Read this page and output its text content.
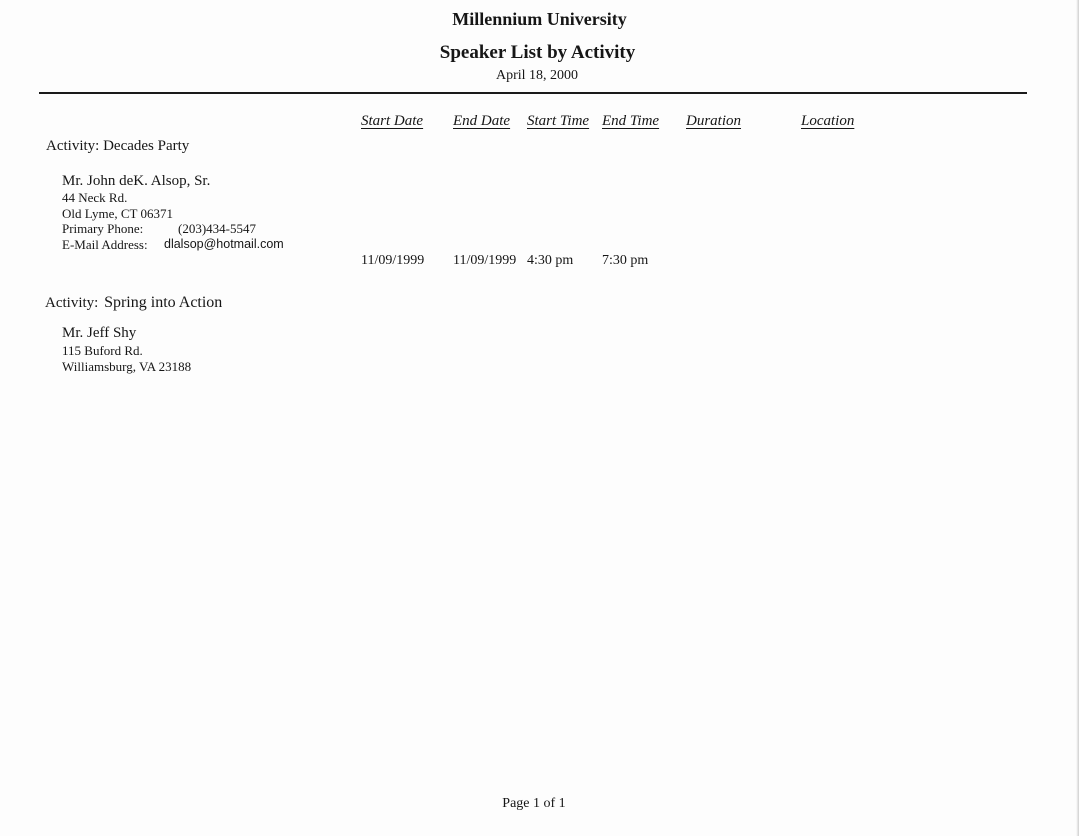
Millennium University
Speaker List by Activity
April 18, 2000
Start Date End Date Start Time End Time Duration	Location
Activity: Decades Party
Mr. John deK. Alsop, Sr.
44 Neck Rd.
Old Lyme, CT 06371
Primary Phone:	(203)434-5547
E-Mail Address: dlalsop@hotmail.com
11/09/1999 11/09/1999 4:30 pm 7:30 pm
Activity: Spring into Action
Mr. Jeff Shy
115 Buford Rd.
Williamsburg, VA 23188
Page 1 of 1
